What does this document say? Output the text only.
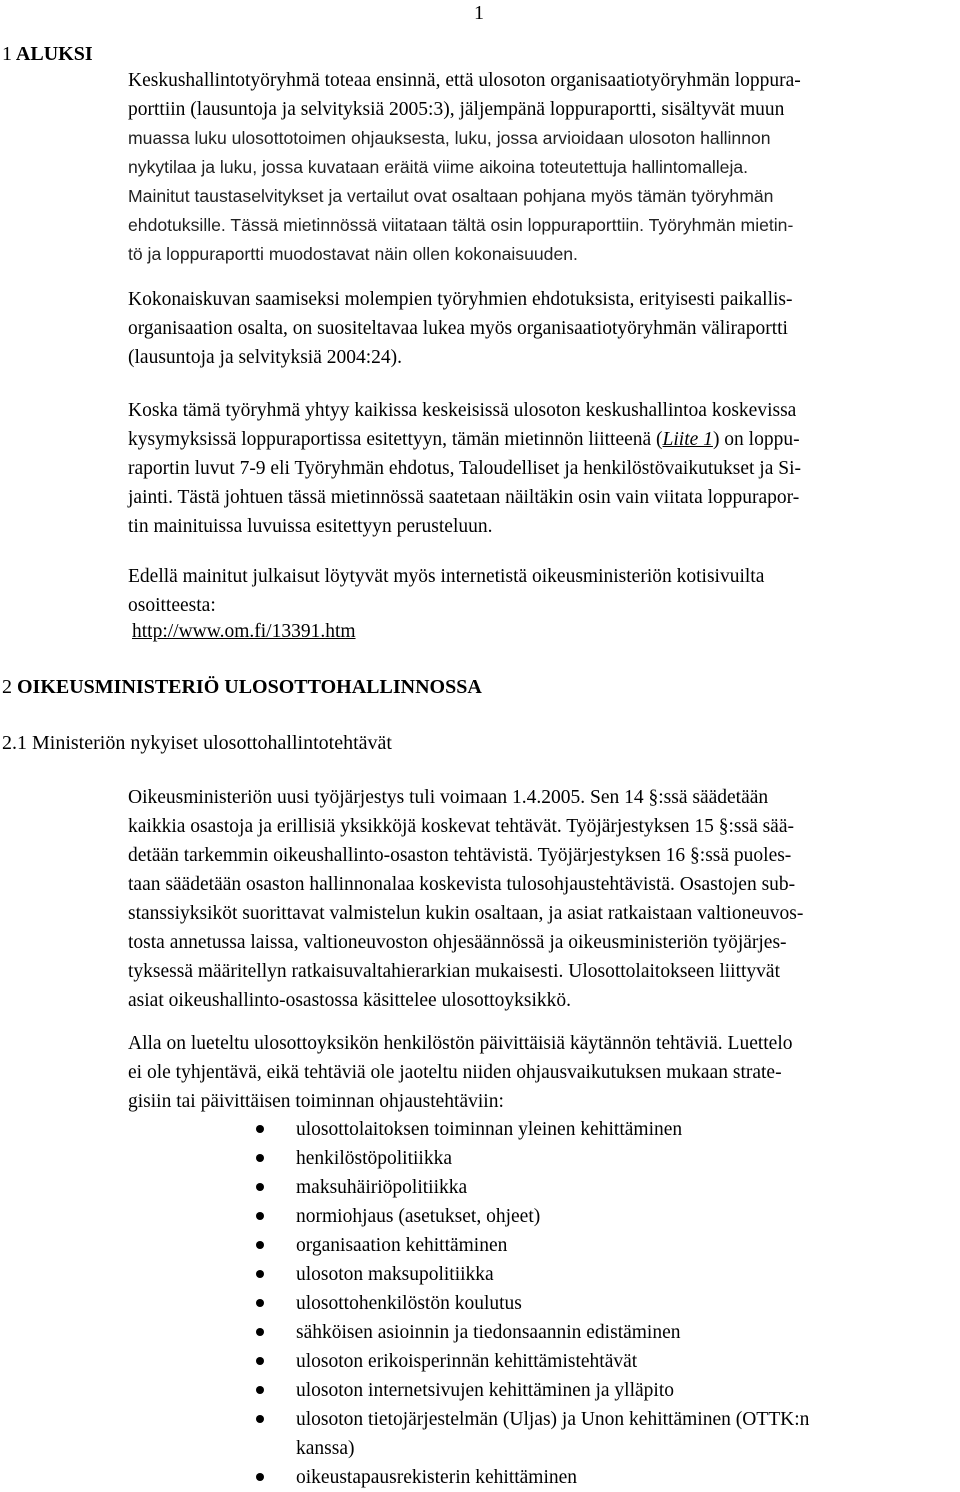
1
1 ALUKSI
Keskushallintotyöryhmä toteaa ensinnä, että ulosoton organisaatiotyöryhmän loppura-
porttiin (lausuntoja ja selvityksiä 2005:3), jäljempänä loppuraportti, sisältyvät muun
muassa luku ulosottotoimen ohjauksesta, luku, jossa arvioidaan ulosoton hallinnon
nykytilaa ja luku, jossa kuvataan eräitä viime aikoina toteutettuja hallintomalleja.
Mainitut taustaselvitykset ja vertailut ovat osaltaan pohjana myös tämän työryhmän
ehdotuksille. Tässä mietinnössä viitataan tältä osin loppuraporttiin. Työryhmän mietin-
tö ja loppuraportti muodostavat näin ollen kokonaisuuden.
Kokonaiskuvan saamiseksi molempien työryhmien ehdotuksista, erityisesti paikallis-
organisaation osalta, on suositeltavaa lukea myös organisaatiotyöryhmän väliraportti
(lausuntoja ja selvityksiä 2004:24).
Koska tämä työryhmä yhtyy kaikissa keskeisissä ulosoton keskushallintoa koskevissa
kysymyksissä loppuraportissa esitettyyn, tämän mietinnön liitteenä (Liite 1) on loppu-
raportin luvut 7-9 eli Työryhmän ehdotus, Taloudelliset ja henkilöstövaikutukset ja Si-
jainti. Tästä johtuen tässä mietinnössä saatetaan näiltäkin osin vain viitata loppurapor-
tin mainituissa luvuissa esitettyyn perusteluun.
Edellä mainitut julkaisut löytyvät myös internetistä oikeusministeriön kotisivuilta
osoitteesta:
http://www.om.fi/13391.htm
2 OIKEUSMINISTERIÖ ULOSOTTOHALLINNOSSA
2.1 Ministeriön nykyiset ulosottohallintotehtävät
Oikeusministeriön uusi työjärjestys tuli voimaan 1.4.2005. Sen 14 §:ssä säädetään
kaikkia osastoja ja erillisiä yksikköjä koskevat tehtävät. Työjärjestyksen 15 §:ssä sää-
detään tarkemmin oikeushallinto-osaston tehtävistä. Työjärjestyksen 16 §:ssä puoles-
taan säädetään osaston hallinnonalaa koskevista tulosohjaustehtävistä. Osastojen sub-
stanssiyksiköt suorittavat valmistelun kukin osaltaan, ja asiat ratkaistaan valtioneuvos-
tosta annetussa laissa, valtioneuvoston ohjesäännössä ja oikeusministeriön työjärjes-
tyksessä määritellyn ratkaisuvaltahierarkian mukaisesti. Ulosottolaitokseen liittyvät
asiat oikeushallinto-osastossa käsittelee ulosottoyksikkö.
Alla on lueteltu ulosottoyksikön henkilöstön päivittäisiä käytännön tehtäviä. Luettelo
ei ole tyhjentävä, eikä tehtäviä ole jaoteltu niiden ohjausvaikutuksen mukaan strate-
gisiin tai päivittäisen toiminnan ohjaustehtäviin:
ulosottolaitoksen toiminnan yleinen kehittäminen
henkilöstöpolitiikka
maksuhäiriöpolitiikka
normiohjaus (asetukset, ohjeet)
organisaation kehittäminen
ulosoton maksupolitiikka
ulosottohenkilöstön koulutus
sähköisen asioinnin ja tiedonsaannin edistäminen
ulosoton erikoisperinnän kehittämistehtävät
ulosoton internetsivujen kehittäminen ja ylläpito
ulosoton tietojärjestelmän (Uljas) ja Unon kehittäminen (OTTK:n
kanssa)
oikeustapausrekisterin kehittäminen
